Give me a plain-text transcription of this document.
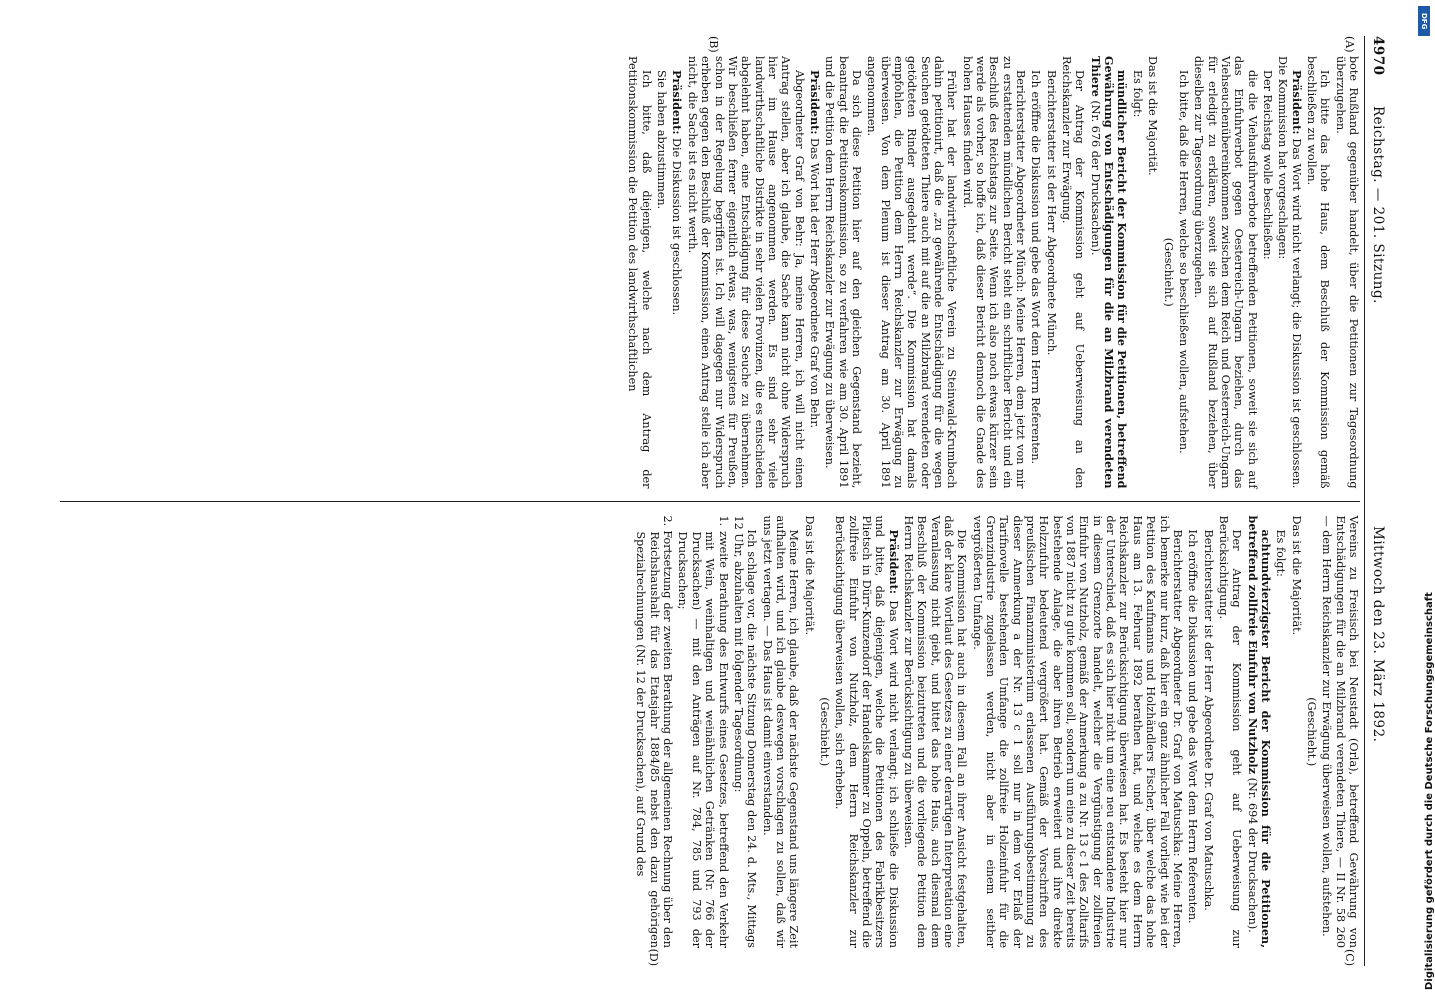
4970
Reichstag. — 201. Sitzung.
Mittwoch den 23. März 1892.
(A)
(B)

bote Rußland gegenüber handelt, über die Petitionen zur Tagesordnung überzugehen.

Ich bitte das hohe Haus, dem Beschluß der Kommission gemäß beschließen zu wollen.

Präsident: Das Wort wird nicht verlangt; die Diskussion ist geschlossen. Die Kommission hat vorgeschlagen:

Der Reichstag wolle beschließen:

die die Viehausfuhrverbote betreffenden Petitionen, soweit sie sich auf das Einfuhrverbot gegen Oesterreich-Ungarn beziehen, durch das Viehseuchenübereinkommen zwischen dem Reich und Oesterreich-Ungarn für erledigt zu erklären, soweit sie sich auf Rußland beziehen, über dieselben zur Tagesordnung überzugehen.

Ich bitte, daß die Herren, welche so beschließen wollen, aufstehen.

(Geschieht.)

Das ist die Majorität.

Es folgt:

mündlicher Bericht der Kommission für die Petitionen, betreffend Gewährung von Entschädigungen für die an Milzbrand verendeten Thiere (Nr. 676 der Drucksachen).

Der Antrag der Kommission geht auf Ueberweisung an den Reichskanzler zur Erwägung.

Berichterstatter ist der Herr Abgeordnete Münch.

Ich eröffne die Diskussion und gebe das Wort dem Herrn Referenten.

Berichterstatter Abgeordneter Münch: Meine Herren, dem jetzt von mir zu erstattenden mündlichen Bericht steht ein schriftlicher Bericht und ein Beschluß des Reichstags zur Seite. Wenn ich also noch etwas kürzer sein werde als vorher, so hoffe ich, daß dieser Bericht dennoch die Gnade des hohen Hauses finden wird.

Früher hat der landwirthschaftliche Verein zu Steinwald-Krumbach dahin petitionirt, daß die „zu gewährende Entschädigung für die wegen Seuchen getödteten Thiere auch mit auf die an Milzbrand verendeten oder getödteten Rinder ausgedehnt werde“. Die Kommission hat damals empfohlen, die Petition dem Herrn Reichskanzler zur Erwägung zu überweisen. Von dem Plenum ist dieser Antrag am 30. April 1891 angenommen.

Da sich diese Petition hier auf den gleichen Gegenstand bezieht, beantragt die Petitionskommission, so zu verfahren wie am 30. April 1891 und die Petition dem Herrn Reichskanzler zur Erwägung zu überweisen.

Präsident: Das Wort hat der Herr Abgeordnete Graf von Behr.

Abgeordneter Graf von Behr: Ja, meine Herren, ich will nicht einen Antrag stellen, aber ich glaube, die Sache kann nicht ohne Widerspruch hier im Hause angenommen werden. Es sind sehr viele landwirthschaftliche Distrikte in sehr vielen Provinzen, die es entschieden abgelehnt haben, eine Entschädigung für diese Seuche zu übernehmen. Wir beschließen ferner eigentlich etwas, was, wenigstens für Preußen, schon in der Regelung begriffen ist. Ich will dagegen nur Widerspruch erheben gegen den Beschluß der Kommission, einen Antrag stelle ich aber nicht, die Sache ist es nicht werth.

Präsident: Die Diskussion ist geschlossen.

Sie haben abzustimmen.

Ich bitte, daß diejenigen, welche nach dem Antrag der Petitionskommission die Petition des landwirthschaftlichen

(C)
(D)

Vereins zu Freisisch bei Neustadt (Orla), betreffend Gewährung von Entschädigungen für die an Milzbrand verendeten Thiere, — II Nr. 58 260 — dem Herrn Reichskanzler zur Erwägung überweisen wollen, aufstehen.

(Geschieht.)

Das ist die Majorität.

Es folgt:

achtundvierzigster Bericht der Kommission für die Petitionen, betreffend zollfreie Einfuhr von Nutzholz (Nr. 694 der Drucksachen).

Der Antrag der Kommission geht auf Ueberweisung zur Berücksichtigung.

Berichterstatter ist der Herr Abgeordnete Dr. Graf von Matuschka.

Ich eröffne die Diskussion und gebe das Wort dem Herrn Referenten.

Berichterstatter Abgeordneter Dr. Graf von Matuschka: Meine Herren, ich bemerke nur kurz, daß hier ein ganz ähnlicher Fall vorliegt wie bei der Petition des Kaufmanns und Holzhändlers Fischer, über welche das hohe Haus am 13. Februar 1892 berathen hat, und welche es dem Herrn Reichskanzler zur Berücksichtigung überwiesen hat. Es besteht hier nur der Unterschied, daß es sich hier nicht um eine neu entstandene Industrie in diesem Grenzorte handelt, welcher die Vergünstigung der zollfreien Einfuhr von Nutzholz, gemäß der Anmerkung a zu Nr. 13 c 1 des Zolltarifs von 1887 nicht zu gute kommen soll, sondern um eine zu dieser Zeit bereits bestehende Anlage, die aber ihren Betrieb erweitert und ihre direkte Holzzufuhr bedeutend vergrößert hat. Gemäß der Vorschriften des preußischen Finanzministerium erlassenen Ausführungsbestimmung zu dieser Anmerkung a der Nr. 13 c 1 soll nur in dem vor Erlaß der Tarifnovelle bestehenden Umfange die zollfreie Holzeinfuhr für die Grenzindustrie zugelassen werden, nicht aber in einem seither vergrößerten Umfange.

Die Kommission hat auch in diesem Fall an ihrer Ansicht festgehalten, daß der klare Wortlaut des Gesetzes zu einer derartigen Interpretation eine Veranlassung nicht giebt, und bittet das hohe Haus, auch diesmal dem Beschluß der Kommission beizutreten und die vorliegende Petition dem Herrn Reichskanzler zur Berücksichtigung zu überweisen.

Präsident: Das Wort wird nicht verlangt; ich schließe die Diskussion und bitte, daß diejenigen, welche die Petitionen des Fabrikbesitzers Plietsch in Dürr-Kunzendorf der Handelskammer zu Oppeln, betreffend die zollfreie Einfuhr von Nutzholz, dem Herrn Reichskanzler zur Berücksichtigung überweisen wollen, sich erheben.

(Geschieht.)

Das ist die Majorität.

Meine Herren, ich glaube, daß der nächste Gegenstand uns längere Zeit aufhalten wird, und ich glaube deswegen vorschlagen zu sollen, daß wir uns jetzt vertagen. — Das Haus ist damit einverstanden.

Ich schlage vor, die nächste Sitzung Donnerstag den 24. d. Mts., Mittags 12 Uhr, abzuhalten mit folgender Tagesordnung:

1. zweite Berathung des Entwurfs eines Gesetzes, betreffend den Verkehr mit Wein, weinhaltigen und weinähnlichen Getränken (Nr. 766 der Drucksachen) — mit den Anträgen auf Nr. 784, 785 und 793 der Drucksachen;

2. Fortsetzung der zweiten Berathung der allgemeinen Rechnung über den Reichshaushalt für das Etatsjahr 1884/85 nebst den dazu gehörigen Spezialrechnungen (Nr. 12 der Drucksachen), auf Grund des	Digitalisierung gefördert durch die Deutsche Forschungsgemeinschaft
DFG
